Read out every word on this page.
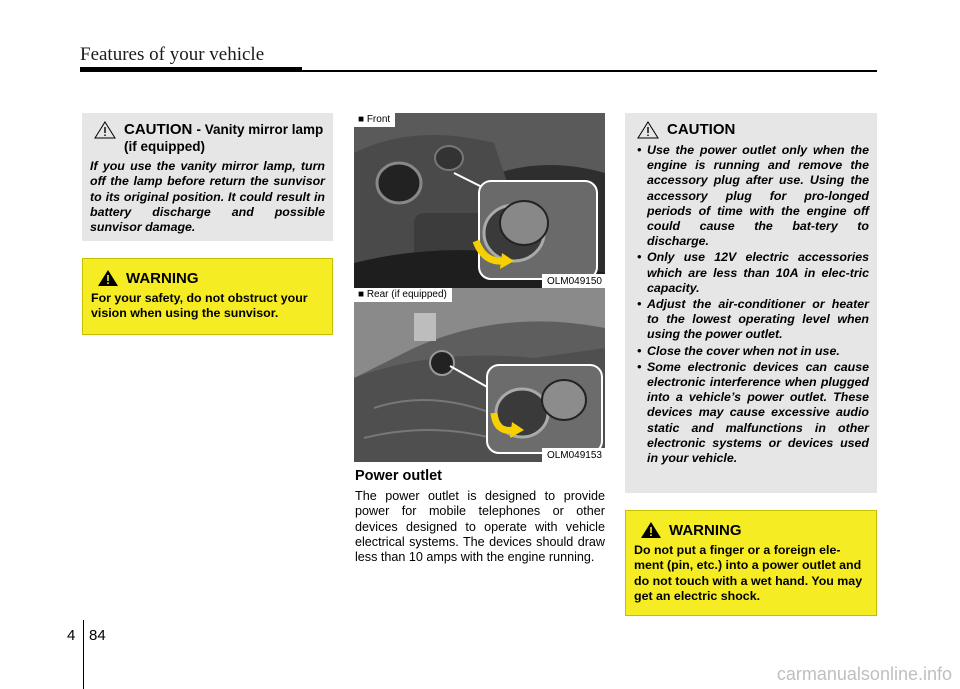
Features of your vehicle
CAUTION - Vanity mirror lamp (if equipped)
If you use the vanity mirror lamp, turn off the lamp before return the sunvisor to its original position. It could result in battery discharge and possible sunvisor damage.
WARNING
For your safety, do not obstruct your vision when using the sunvisor.
■ Front
OLM049150
■ Rear (if equipped)
OLM049153
Power outlet
The power outlet is designed to provide power for mobile telephones or other devices designed to operate with vehicle electrical systems. The devices should draw less than 10 amps with the engine running.
CAUTION
• Use the power outlet only when the engine is running and remove the accessory plug after use. Using the accessory plug for pro-longed periods of time with the engine off could cause the bat-tery to discharge.
• Only use 12V electric accessories which are less than 10A in elec-tric capacity.
• Adjust the air-conditioner or heater to the lowest operating level when using the power outlet.
• Close the cover when not in use.
• Some electronic devices can cause electronic interference when plugged into a vehicle’s power outlet. These devices may cause excessive audio static and malfunctions in other electronic systems or devices used in your vehicle.
WARNING
Do not put a finger or a foreign ele-ment (pin, etc.) into a power outlet and do not touch with a wet hand. You may get an electric shock.
4 84
carmanualsonline.info
